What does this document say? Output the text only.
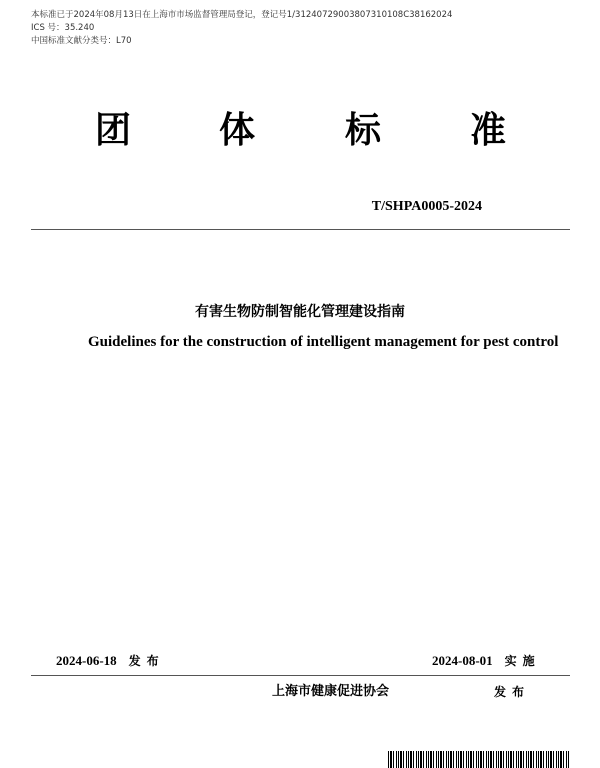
本标准已于2024年08月13日在上海市市场监督管理局登记，登记号1/31240729003807310108C38162024
ICS 号：35.240
中国标准文献分类号：L70
团 体 标 准
T/SHPA0005-2024
有害生物防制智能化管理建设指南
Guidelines for the construction of intelligent management for pest control
2024-06-18 发布	2024-08-01 实施
上海市健康促进协会	发布
